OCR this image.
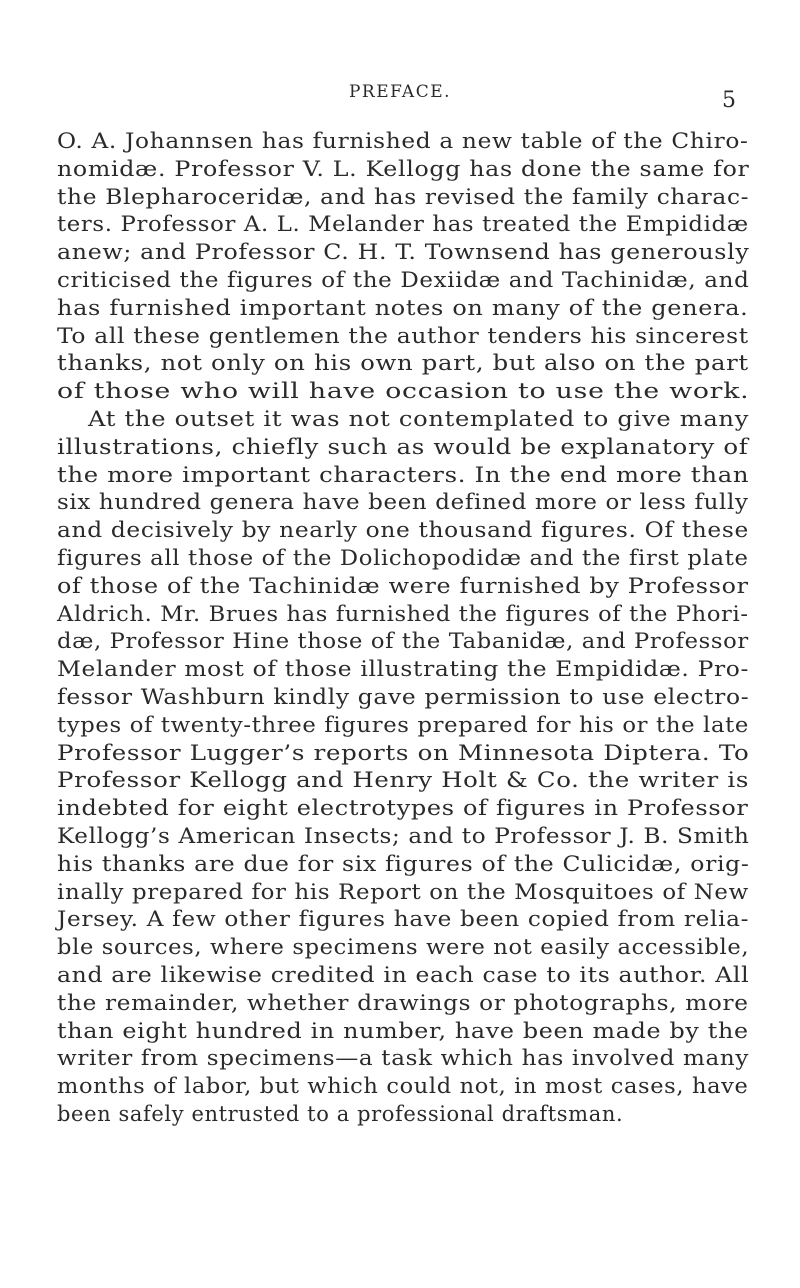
PREFACE.	5
O. A. Johannsen has furnished a new table of the Chiro-
nomidæ. Professor V. L. Kellogg has done the same for
the Blepharoceridæ, and has revised the family charac-
ters. Professor A. L. Melander has treated the Empididæ
anew; and Professor C. H. T. Townsend has generously
criticised the figures of the Dexiidæ and Tachinidæ, and
has furnished important notes on many of the genera.
To all these gentlemen the author tenders his sincerest
thanks, not only on his own part, but also on the part
of those who will have occasion to use the work.
At the outset it was not contemplated to give many
illustrations, chiefly such as would be explanatory of
the more important characters. In the end more than
six hundred genera have been defined more or less fully
and decisively by nearly one thousand figures. Of these
figures all those of the Dolichopodidæ and the first plate
of those of the Tachinidæ were furnished by Professor
Aldrich. Mr. Brues has furnished the figures of the Phori-
dæ, Professor Hine those of the Tabanidæ, and Professor
Melander most of those illustrating the Empididæ. Pro-
fessor Washburn kindly gave permission to use electro-
types of twenty-three figures prepared for his or the late
Professor Lugger’s reports on Minnesota Diptera. To
Professor Kellogg and Henry Holt & Co. the writer is
indebted for eight electrotypes of figures in Professor
Kellogg’s American Insects; and to Professor J. B. Smith
his thanks are due for six figures of the Culicidæ, orig-
inally prepared for his Report on the Mosquitoes of New
Jersey. A few other figures have been copied from relia-
ble sources, where specimens were not easily accessible,
and are likewise credited in each case to its author. All
the remainder, whether drawings or photographs, more
than eight hundred in number, have been made by the
writer from specimens—a task which has involved many
months of labor, but which could not, in most cases, have
been safely entrusted to a professional draftsman.
